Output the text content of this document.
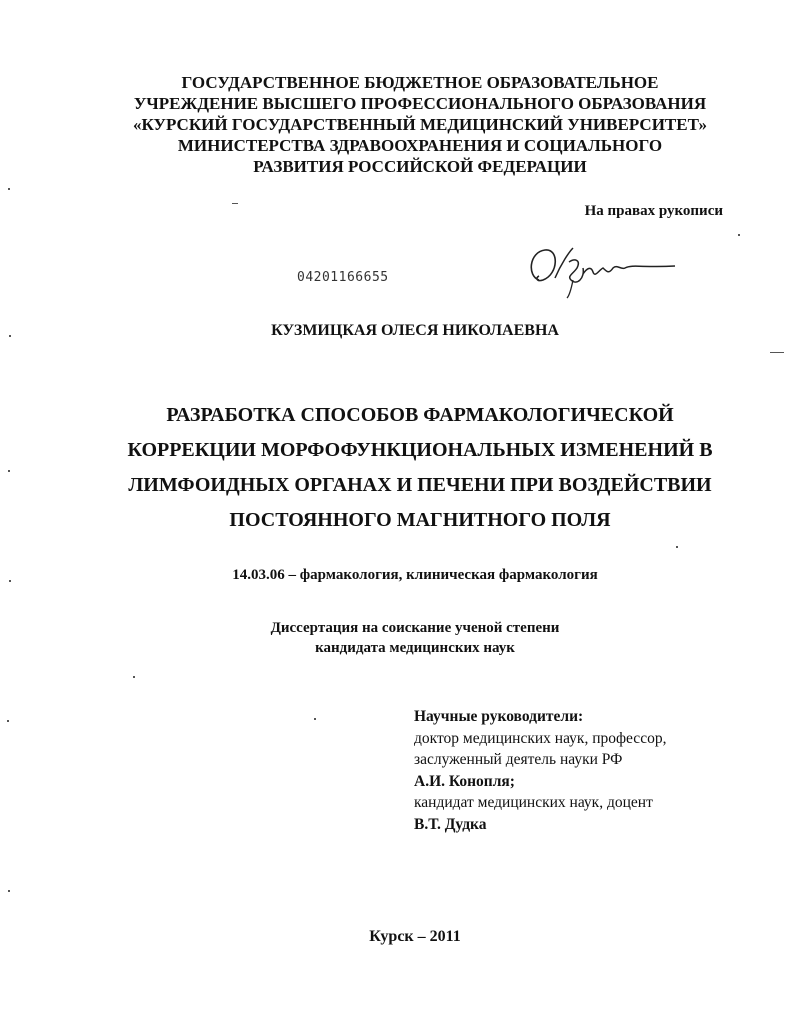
ГОСУДАРСТВЕННОЕ БЮДЖЕТНОЕ ОБРАЗОВАТЕЛЬНОЕ
УЧРЕЖДЕНИЕ ВЫСШЕГО ПРОФЕССИОНАЛЬНОГО ОБРАЗОВАНИЯ
«КУРСКИЙ ГОСУДАРСТВЕННЫЙ МЕДИЦИНСКИЙ УНИВЕРСИТЕТ»
МИНИСТЕРСТВА ЗДРАВООХРАНЕНИЯ И СОЦИАЛЬНОГО
РАЗВИТИЯ РОССИЙСКОЙ ФЕДЕРАЦИИ
На правах рукописи
04201166655
КУЗМИЦКАЯ ОЛЕСЯ НИКОЛАЕВНА
РАЗРАБОТКА СПОСОБОВ ФАРМАКОЛОГИЧЕСКОЙ
КОРРЕКЦИИ МОРФОФУНКЦИОНАЛЬНЫХ ИЗМЕНЕНИЙ В
ЛИМФОИДНЫХ ОРГАНАХ И ПЕЧЕНИ ПРИ ВОЗДЕЙСТВИИ
ПОСТОЯННОГО МАГНИТНОГО ПОЛЯ
14.03.06 – фармакология, клиническая фармакология
Диссертация на соискание ученой степени
кандидата медицинских наук
Научные руководители:
доктор медицинских наук, профессор,
заслуженный деятель науки РФ
А.И. Конопля;
кандидат медицинских наук, доцент
В.Т. Дудка
Курск – 2011
